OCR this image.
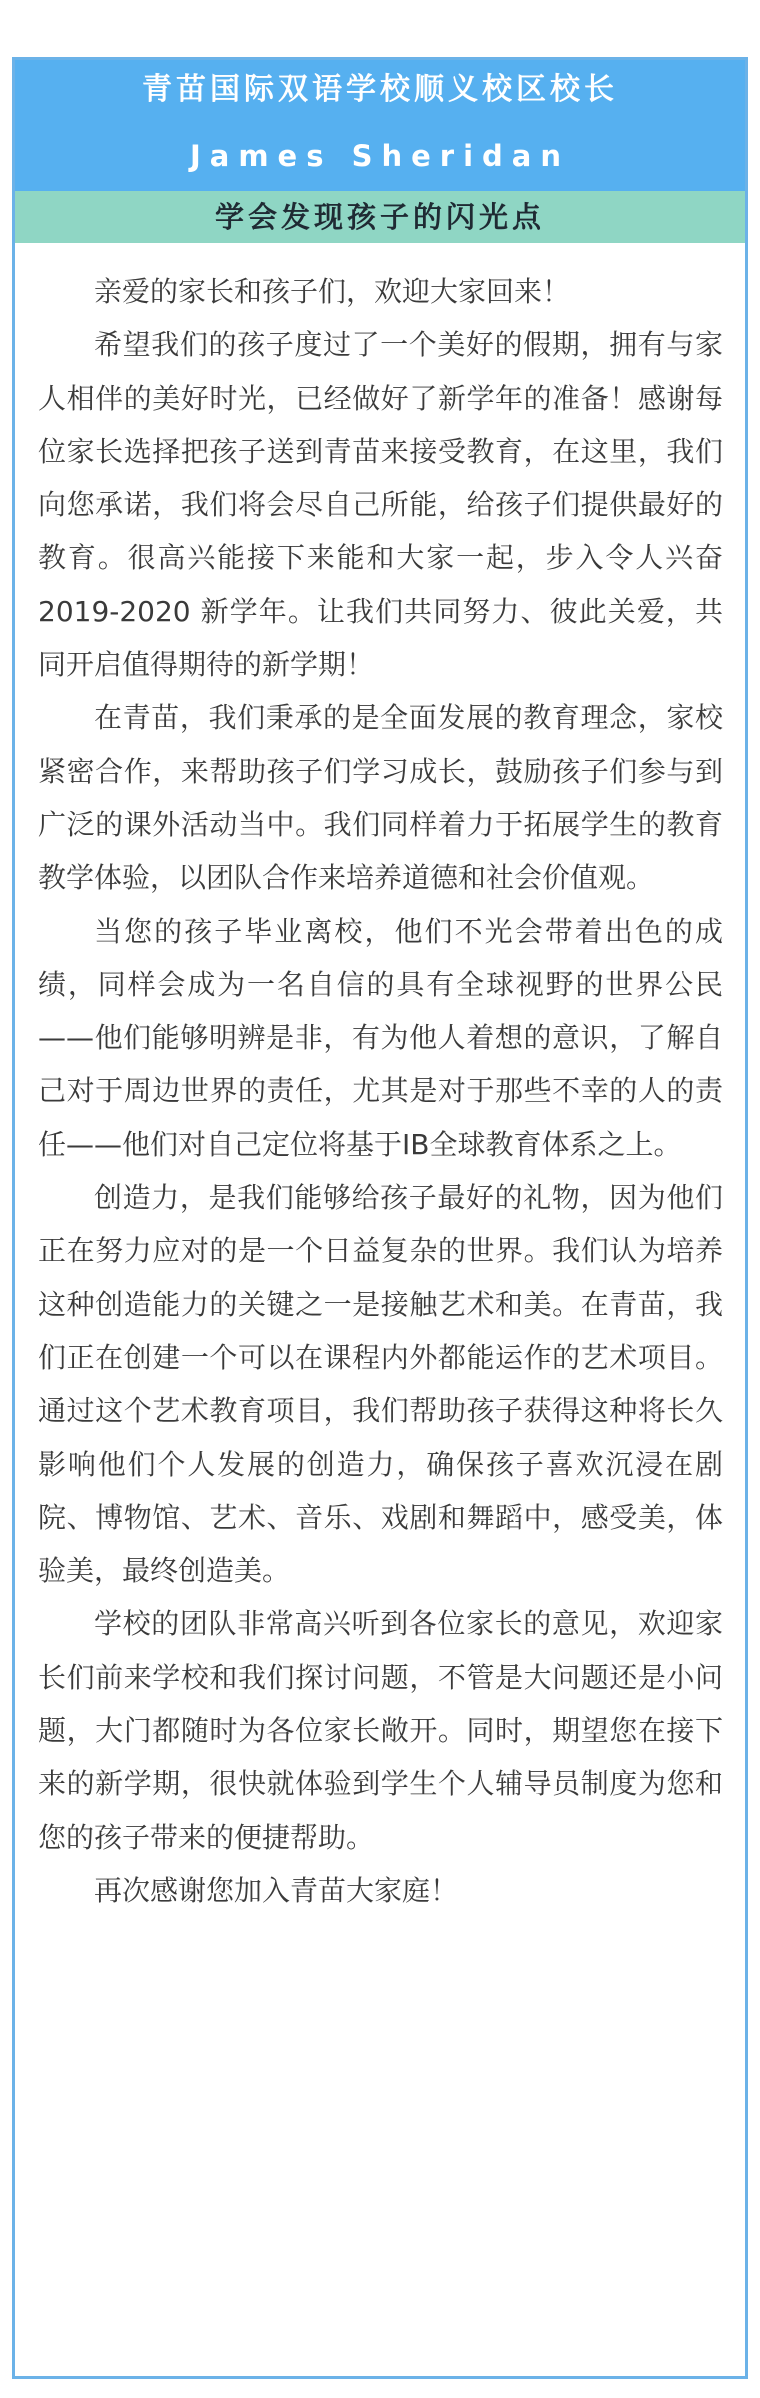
青苗国际双语学校顺义校区校长
James Sheridan
学会发现孩子的闪光点

亲爱的家长和孩子们，欢迎大家回来！

希望我们的孩子度过了一个美好的假期，拥有与家人相伴的美好时光，已经做好了新学年的准备！感谢每位家长选择把孩子送到青苗来接受教育，在这里，我们向您承诺，我们将会尽自己所能，给孩子们提供最好的教育。很高兴能接下来能和大家一起，步入令人兴奋2019-2020 新学年。让我们共同努力、彼此关爱，共同开启值得期待的新学期！

在青苗，我们秉承的是全面发展的教育理念，家校紧密合作，来帮助孩子们学习成长，鼓励孩子们参与到广泛的课外活动当中。我们同样着力于拓展学生的教育教学体验，以团队合作来培养道德和社会价值观。

当您的孩子毕业离校，他们不光会带着出色的成绩，同样会成为一名自信的具有全球视野的世界公民——他们能够明辨是非，有为他人着想的意识，了解自己对于周边世界的责任，尤其是对于那些不幸的人的责任——他们对自己定位将基于IB全球教育体系之上。

创造力，是我们能够给孩子最好的礼物，因为他们正在努力应对的是一个日益复杂的世界。我们认为培养这种创造能力的关键之一是接触艺术和美。在青苗，我们正在创建一个可以在课程内外都能运作的艺术项目。通过这个艺术教育项目，我们帮助孩子获得这种将长久影响他们个人发展的创造力，确保孩子喜欢沉浸在剧院、博物馆、艺术、音乐、戏剧和舞蹈中，感受美，体验美，最终创造美。

学校的团队非常高兴听到各位家长的意见，欢迎家长们前来学校和我们探讨问题，不管是大问题还是小问题，大门都随时为各位家长敞开。同时，期望您在接下来的新学期，很快就体验到学生个人辅导员制度为您和您的孩子带来的便捷帮助。

再次感谢您加入青苗大家庭！
